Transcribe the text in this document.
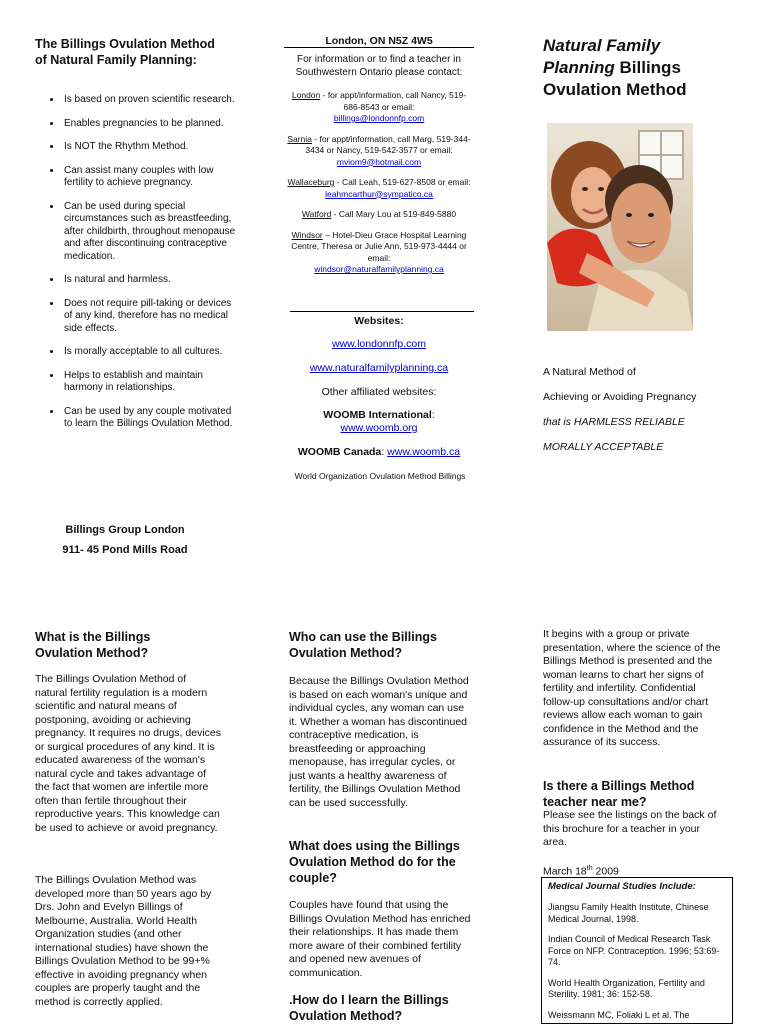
The Billings Ovulation Method of Natural Family Planning:
• Is based on proven scientific research.
• Enables pregnancies to be planned.
• Is NOT the Rhythm Method.
• Can assist many couples with low fertility to achieve pregnancy.
• Can be used during special circumstances such as breastfeeding, after childbirth, throughout menopause and after discontinuing contraceptive medication.
• Is natural and harmless.
• Does not require pill-taking or devices of any kind, therefore has no medical side effects.
• Is morally acceptable to all cultures.
• Helps to establish and maintain harmony in relationships.
• Can be used by any couple motivated to learn the Billings Ovulation Method.
Billings Group London
911- 45 Pond Mills Road
London, ON N5Z 4W5
For information or to find a teacher in Southwestern Ontario please contact:

London - for appt/information, call Nancy, 519-686-8543 or email:

billings@londonnfp.com

Sarnia - for appt/information, call Marg, 519-344-3434 or Nancy, 519-542-3577 or email: mviom9@hotmail.com

Wallaceburg - Call Leah, 519-627-8508 or email:

leahmcarthur@sympatico.ca

Watford - Call Mary Lou at 519-849-5880

Windsor – Hotel-Dieu Grace Hospital Learning Centre, Theresa or Julie Ann, 519-973-4444 or email:

windsor@naturalfamilyplanning.ca

Websites:
www.londonnfp.com
www.naturalfamilyplanning.ca
Other affiliated websites:
WOOMB International:
www.woomb.org
WOOMB Canada: www.woomb.ca
World Organization Ovulation Method Billings
Natural Family Planning Billings Ovulation Method
A Natural Method of
Achieving or Avoiding Pregnancy
that is HARMLESS RELIABLE
MORALLY ACCEPTABLE
What is the Billings Ovulation Method?
The Billings Ovulation Method of natural fertility regulation is a modern scientific and natural means of postponing, avoiding or achieving pregnancy. It requires no drugs, devices or surgical procedures of any kind. It is educated awareness of the woman's natural cycle and takes advantage of the fact that women are infertile more often than fertile throughout their reproductive years. This knowledge can be used to achieve or avoid pregnancy.
The Billings Ovulation Method was developed more than 50 years ago by Drs. John and Evelyn Billings of Melbourne, Australia. World Health Organization studies (and other international studies) have shown the Billings Ovulation Method to be 99+% effective in avoiding pregnancy when couples are properly taught and the method is correctly applied.
Who can use the Billings Ovulation Method?
Because the Billings Ovulation Method is based on each woman's unique and individual cycles, any woman can use it. Whether a woman has discontinued contraceptive medication, is breastfeeding or approaching menopause, has irregular cycles, or just wants a healthy awareness of fertility, the Billings Ovulation Method can be used successfully.
What does using the Billings Ovulation Method do for the couple?
Couples have found that using the Billings Ovulation Method has enriched their relationships. It has made them more aware of their combined fertility and opened new avenues of communication.
.How do I learn the Billings Ovulation Method?
It begins with a group or private presentation, where the science of the Billings Method is presented and the woman learns to chart her signs of fertility and infertility. Confidential follow-up consultations and/or chart reviews allow each woman to gain confidence in the Method and the assurance of its success.
Is there a Billings Method teacher near me?
Please see the listings on the back of this brochure for a teacher in your area.
March 18th 2009
Medical Journal Studies Include:

Jiangsu Family Health Institute, Chinese Medical Journal, 1998.

Indian Council of Medical Research Task Force on NFP. Contraception. 1996; 53:69-74.

World Health Organization, Fertility and Sterility. 1981; 36: 152-58.

Weissmann MC, Foliaki L et al. The
